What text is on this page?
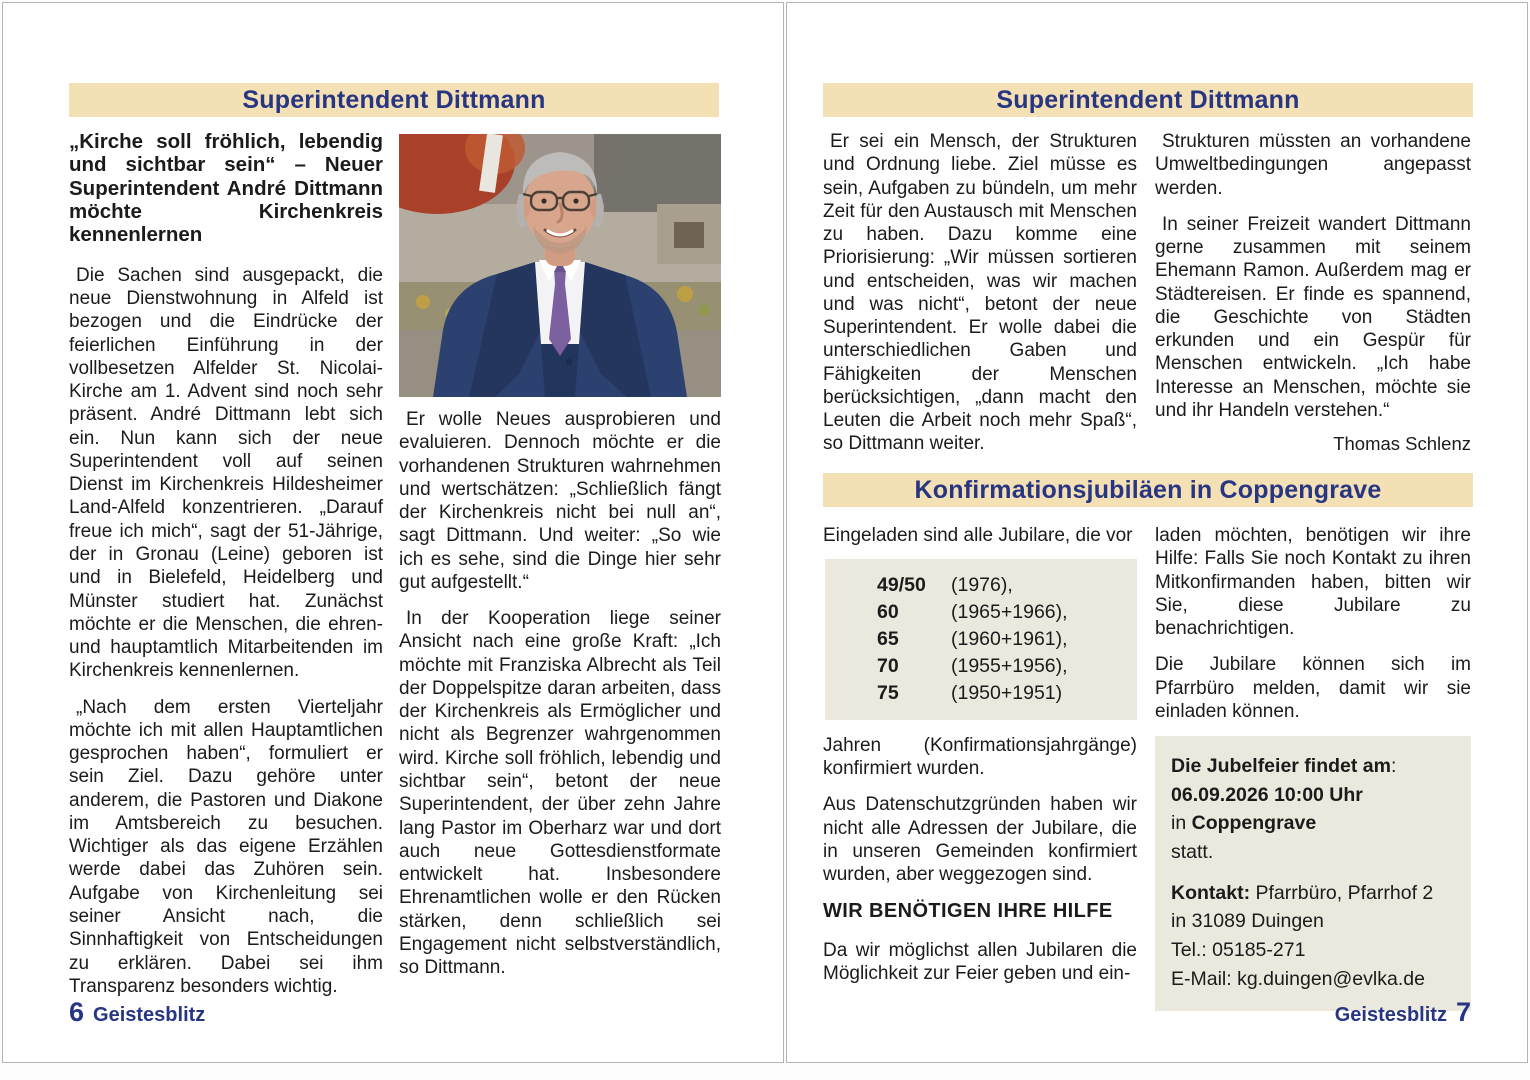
Superintendent Dittmann

„Kirche soll fröhlich, lebendig und sichtbar sein“ – Neuer Superintendent André Dittmann möchte Kirchenkreis kennenlernen

Die Sachen sind ausgepackt, die neue Dienstwohnung in Alfeld ist bezogen und die Eindrücke der feierlichen Einführung in der vollbesetzen Alfelder St. Nicolai-Kirche am 1. Advent sind noch sehr präsent. André Dittmann lebt sich ein. Nun kann sich der neue Superintendent voll auf seinen Dienst im Kirchenkreis Hildesheimer Land-Alfeld konzentrieren. „Darauf freue ich mich“, sagt der 51-Jährige, der in Gronau (Leine) geboren ist und in Bielefeld, Heidelberg und Münster studiert hat. Zunächst möchte er die Menschen, die ehren- und hauptamtlich Mitarbeitenden im Kirchenkreis kennenlernen.

„Nach dem ersten Vierteljahr möchte ich mit allen Hauptamtlichen gesprochen haben“, formuliert er sein Ziel. Dazu gehöre unter anderem, die Pastoren und Diakone im Amtsbereich zu besuchen. Wichtiger als das eigene Erzählen werde dabei das Zuhören sein. Aufgabe von Kirchenleitung sei seiner Ansicht nach, die Sinnhaftigkeit von Entscheidungen zu erklären. Dabei sei ihm Transparenz besonders wichtig.

Er wolle Neues ausprobieren und evaluieren. Dennoch möchte er die vorhandenen Strukturen wahrnehmen und wertschätzen: „Schließlich fängt der Kirchenkreis nicht bei null an“, sagt Dittmann. Und weiter: „So wie ich es sehe, sind die Dinge hier sehr gut aufgestellt.“

In der Kooperation liege seiner Ansicht nach eine große Kraft: „Ich möchte mit Franziska Albrecht als Teil der Doppelspitze daran arbeiten, dass der Kirchenkreis als Ermöglicher und nicht als Begrenzer wahrgenommen wird. Kirche soll fröhlich, lebendig und sichtbar sein“, betont der neue Superintendent, der über zehn Jahre lang Pastor im Oberharz war und dort auch neue Gottesdienstformate entwickelt hat. Insbesondere Ehrenamtlichen wolle er den Rücken stärken, denn schließlich sei Engagement nicht selbstverständlich, so Dittmann.

6 Geistesblitz
Superintendent Dittmann

Er sei ein Mensch, der Strukturen und Ordnung liebe. Ziel müsse es sein, Aufgaben zu bündeln, um mehr Zeit für den Austausch mit Menschen zu haben. Dazu komme eine Priorisierung: „Wir müssen sortieren und entscheiden, was wir machen und was nicht“, betont der neue Superintendent. Er wolle dabei die unterschiedlichen Gaben und Fähigkeiten der Menschen berücksichtigen, „dann macht den Leuten die Arbeit noch mehr Spaß“, so Dittmann weiter.

Strukturen müssten an vorhandene Umweltbedingungen angepasst werden.

In seiner Freizeit wandert Dittmann gerne zusammen mit seinem Ehemann Ramon. Außerdem mag er Städtereisen. Er finde es spannend, die Geschichte von Städten erkunden und ein Gespür für Menschen entwickeln. „Ich habe Interesse an Menschen, möchte sie und ihr Handeln verstehen.“

Thomas Schlenz
Konfirmationsjubiläen in Coppengrave

Eingeladen sind alle Jubilare, die vor

49/50	(1976),
60	(1965+1966),
65	(1960+1961),
70	(1955+1956),
75	(1950+1951)

Jahren (Konfirmationsjahrgänge) konfirmiert wurden.

Aus Datenschutzgründen haben wir nicht alle Adressen der Jubilare, die in unseren Gemeinden konfirmiert wurden, aber weggezogen sind.

WIR BENÖTIGEN IHRE HILFE

Da wir möglichst allen Jubilaren die Möglichkeit zur Feier geben und ein-

laden möchten, benötigen wir ihre Hilfe: Falls Sie noch Kontakt zu ihren Mitkonfirmanden haben, bitten wir Sie, diese Jubilare zu benachrichtigen.

Die Jubilare können sich im Pfarrbüro melden, damit wir sie einladen können.

Die Jubelfeier findet am:
06.09.2026 10:00 Uhr
in Coppengrave
statt.
Kontakt: Pfarrbüro, Pfarrhof 2
in 31089 Duingen
Tel.: 05185-271
E-Mail: kg.duingen@evlka.de
Geistesblitz 7
